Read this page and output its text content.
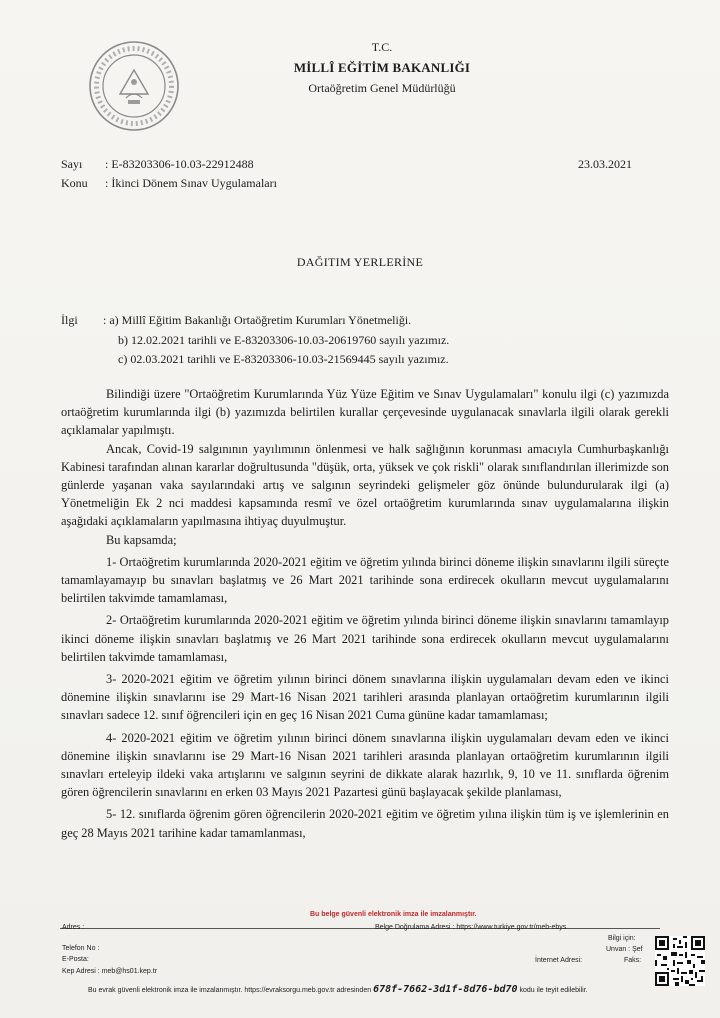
T.C.
MİLLÎ EĞİTİM BAKANLIĞI
Ortaöğretim Genel Müdürlüğü
Sayı : E-83203306-10.03-22912488
Konu : İkinci Dönem Sınav Uygulamaları
23.03.2021
DAĞITIM YERLERİNE
İlgi	: a) Millî Eğitim Bakanlığı Ortaöğretim Kurumları Yönetmeliği.
b) 12.02.2021 tarihli ve E-83203306-10.03-20619760 sayılı yazımız.
c) 02.03.2021 tarihli ve E-83203306-10.03-21569445 sayılı yazımız.

Bilindiği üzere "Ortaöğretim Kurumlarında Yüz Yüze Eğitim ve Sınav Uygulamaları" konulu ilgi (c) yazımızda ortaöğretim kurumlarında ilgi (b) yazımızda belirtilen kurallar çerçevesinde uygulanacak sınavlarla ilgili olarak gerekli açıklamalar yapılmıştı.

Ancak, Covid-19 salgınının yayılımının önlenmesi ve halk sağlığının korunması amacıyla Cumhurbaşkanlığı Kabinesi tarafından alınan kararlar doğrultusunda "düşük, orta, yüksek ve çok riskli" olarak sınıflandırılan illerimizde son günlerde yaşanan vaka sayılarındaki artış ve salgının seyrindeki gelişmeler göz önünde bulundurularak ilgi (a) Yönetmeliğin Ek 2 nci maddesi kapsamında resmî ve özel ortaöğretim kurumlarında sınav uygulamalarına ilişkin aşağıdaki açıklamaların yapılmasına ihtiyaç duyulmuştur.

Bu kapsamda;

1- Ortaöğretim kurumlarında 2020-2021 eğitim ve öğretim yılında birinci döneme ilişkin sınavlarını ilgili süreçte tamamlayamayıp bu sınavları başlatmış ve 26 Mart 2021 tarihinde sona erdirecek okulların mevcut uygulamalarını belirtilen takvimde tamamlaması,

2- Ortaöğretim kurumlarında 2020-2021 eğitim ve öğretim yılında birinci döneme ilişkin sınavlarını tamamlayıp ikinci döneme ilişkin sınavları başlatmış ve 26 Mart 2021 tarihinde sona erdirecek okulların mevcut uygulamalarını belirtilen takvimde tamamlaması,

3- 2020-2021 eğitim ve öğretim yılının birinci dönem sınavlarına ilişkin uygulamaları devam eden ve ikinci dönemine ilişkin sınavlarını ise 29 Mart-16 Nisan 2021 tarihleri arasında planlayan ortaöğretim kurumlarının ilgili sınavları sadece 12. sınıf öğrencileri için en geç 16 Nisan 2021 Cuma gününe kadar tamamlaması;

4- 2020-2021 eğitim ve öğretim yılının birinci dönem sınavlarına ilişkin uygulamaları devam eden ve ikinci dönemine ilişkin sınavlarını ise 29 Mart-16 Nisan 2021 tarihleri arasında planlayan ortaöğretim kurumlarının ilgili sınavları erteleyip ildeki vaka artışlarını ve salgının seyrini de dikkate alarak hazırlık, 9, 10 ve 11. sınıflarda öğrenim gören öğrencilerin sınavlarını en erken 03 Mayıs 2021 Pazartesi günü başlayacak şekilde planlaması,

5- 12. sınıflarda öğrenim gören öğrencilerin 2020-2021 eğitim ve öğretim yılına ilişkin tüm iş ve işlemlerinin en geç 28 Mayıs 2021 tarihine kadar tamamlanması,

Bu belge güvenli elektronik imza ile imzalanmıştır.
Adres :	Belge Doğrulama Adresi : https://www.turkiye.gov.tr/meb-ebys
Bilgi için:
Telefon No :	Unvan : Şef
E-Posta:	İnternet Adresi:	Faks:
Kep Adresi : meb@hs01.kep.tr
Bu evrak güvenli elektronik imza ile imzalanmıştır. https://evraksorgu.meb.gov.tr adresinden 678f-7662-3d1f-8d76-bd70 kodu ile teyit edilebilir.
